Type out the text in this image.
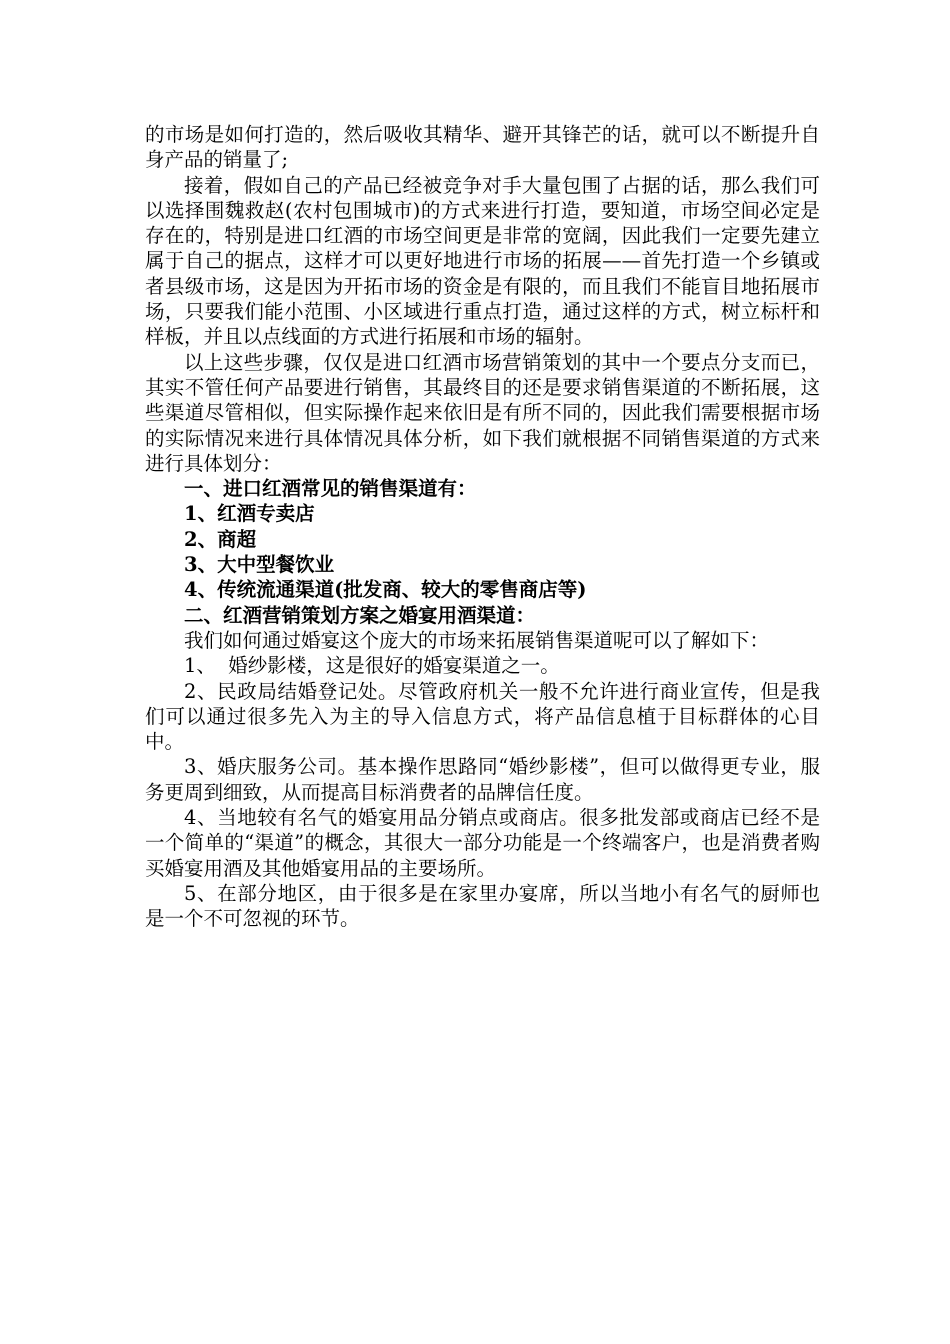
的市场是如何打造的，然后吸收其精华、避开其锋芒的话，就可以不断提升自身产品的销量了;

接着，假如自己的产品已经被竞争对手大量包围了占据的话，那么我们可以选择围魏救赵(农村包围城市)的方式来进行打造，要知道，市场空间必定是存在的，特别是进口红酒的市场空间更是非常的宽阔，因此我们一定要先建立属于自己的据点，这样才可以更好地进行市场的拓展——首先打造一个乡镇或者县级市场，这是因为开拓市场的资金是有限的，而且我们不能盲目地拓展市场，只要我们能小范围、小区域进行重点打造，通过这样的方式，树立标杆和样板，并且以点线面的方式进行拓展和市场的辐射。

以上这些步骤，仅仅是进口红酒市场营销策划的其中一个要点分支而已，其实不管任何产品要进行销售，其最终目的还是要求销售渠道的不断拓展，这些渠道尽管相似，但实际操作起来依旧是有所不同的，因此我们需要根据市场的实际情况来进行具体情况具体分析，如下我们就根据不同销售渠道的方式来进行具体划分：

一、进口红酒常见的销售渠道有：

1、红酒专卖店

2、商超

3、大中型餐饮业

4、传统流通渠道(批发商、较大的零售商店等)

二、红酒营销策划方案之婚宴用酒渠道：

我们如何通过婚宴这个庞大的市场来拓展销售渠道呢可以了解如下：

1、  婚纱影楼，这是很好的婚宴渠道之一。

2、民政局结婚登记处。尽管政府机关一般不允许进行商业宣传，但是我们可以通过很多先入为主的导入信息方式，将产品信息植于目标群体的心目中。

3、婚庆服务公司。基本操作思路同“婚纱影楼”，但可以做得更专业，服务更周到细致，从而提高目标消费者的品牌信任度。

4、当地较有名气的婚宴用品分销点或商店。很多批发部或商店已经不是一个简单的“渠道”的概念，其很大一部分功能是一个终端客户，也是消费者购买婚宴用酒及其他婚宴用品的主要场所。

5、在部分地区，由于很多是在家里办宴席，所以当地小有名气的厨师也是一个不可忽视的环节。
